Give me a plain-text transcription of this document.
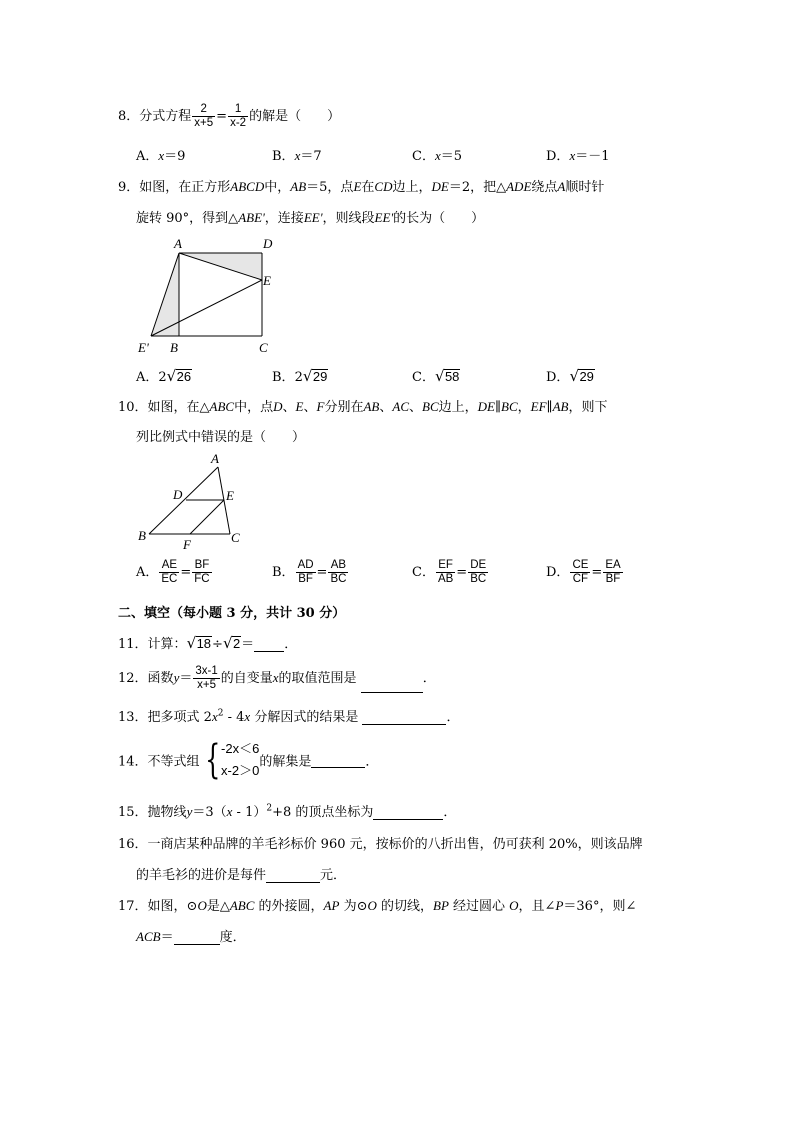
8．分式方程 $\frac{2}{x+5} = \frac{1}{x-2}$ 的解是（　　）
A．x＝9	B．x＝7	C．x＝5	D．x＝－1
9．如图，在正方形ABCD中，AB＝5，点E在CD边上，DE＝2，把△ADE绕点A顺时针
旋转 90°，得到△ABE'，连接EE'，则线段EE'的长为（　　）
A	D
E
E' B	C
A．2 √ 26	B．2 √ 29	C． √ 58	D． √ 29
10．如图，在△ABC中，点D、E、F分别在AB、AC、BC边上，DE∥BC，EF∥AB，则下
列比例式中错误的是（　　）
A
D	E
B
F	C
A． $\frac{AE}{EC} = \frac{BF}{FC}$	B． $\frac{AD}{BF} = \frac{AB}{BC}$	C． $\frac{EF}{AB} = \frac{DE}{BC}$	D． $\frac{CE}{CF} = \frac{EA}{BF}$
二、填空（每小题 3 分，共计 30 分）
11．计算： √ 18÷ √ 2＝ ．
12．函数$y= \frac{3x-1}{x+5}$ 的自变量x的取值范围是	．
13．把多项式 $2x^2 - 4x$ 分解因式的结果是	．
14．不等式组 { -2x＜6
x-2＞0
的解集是	．
15．抛物线y＝3（x - 1）$^2$+8 的顶点坐标为	．
16．一商店某种品牌的羊毛衫标价 960 元，按标价的八折出售，仍可获利 20%，则该品牌
的羊毛衫的进价是每件	元．
17．如图，⊙O是△ABC 的外接圆，AP 为⊙O 的切线，BP 经过圆心 O，且∠P＝36°，则∠
ACB＝	度．
